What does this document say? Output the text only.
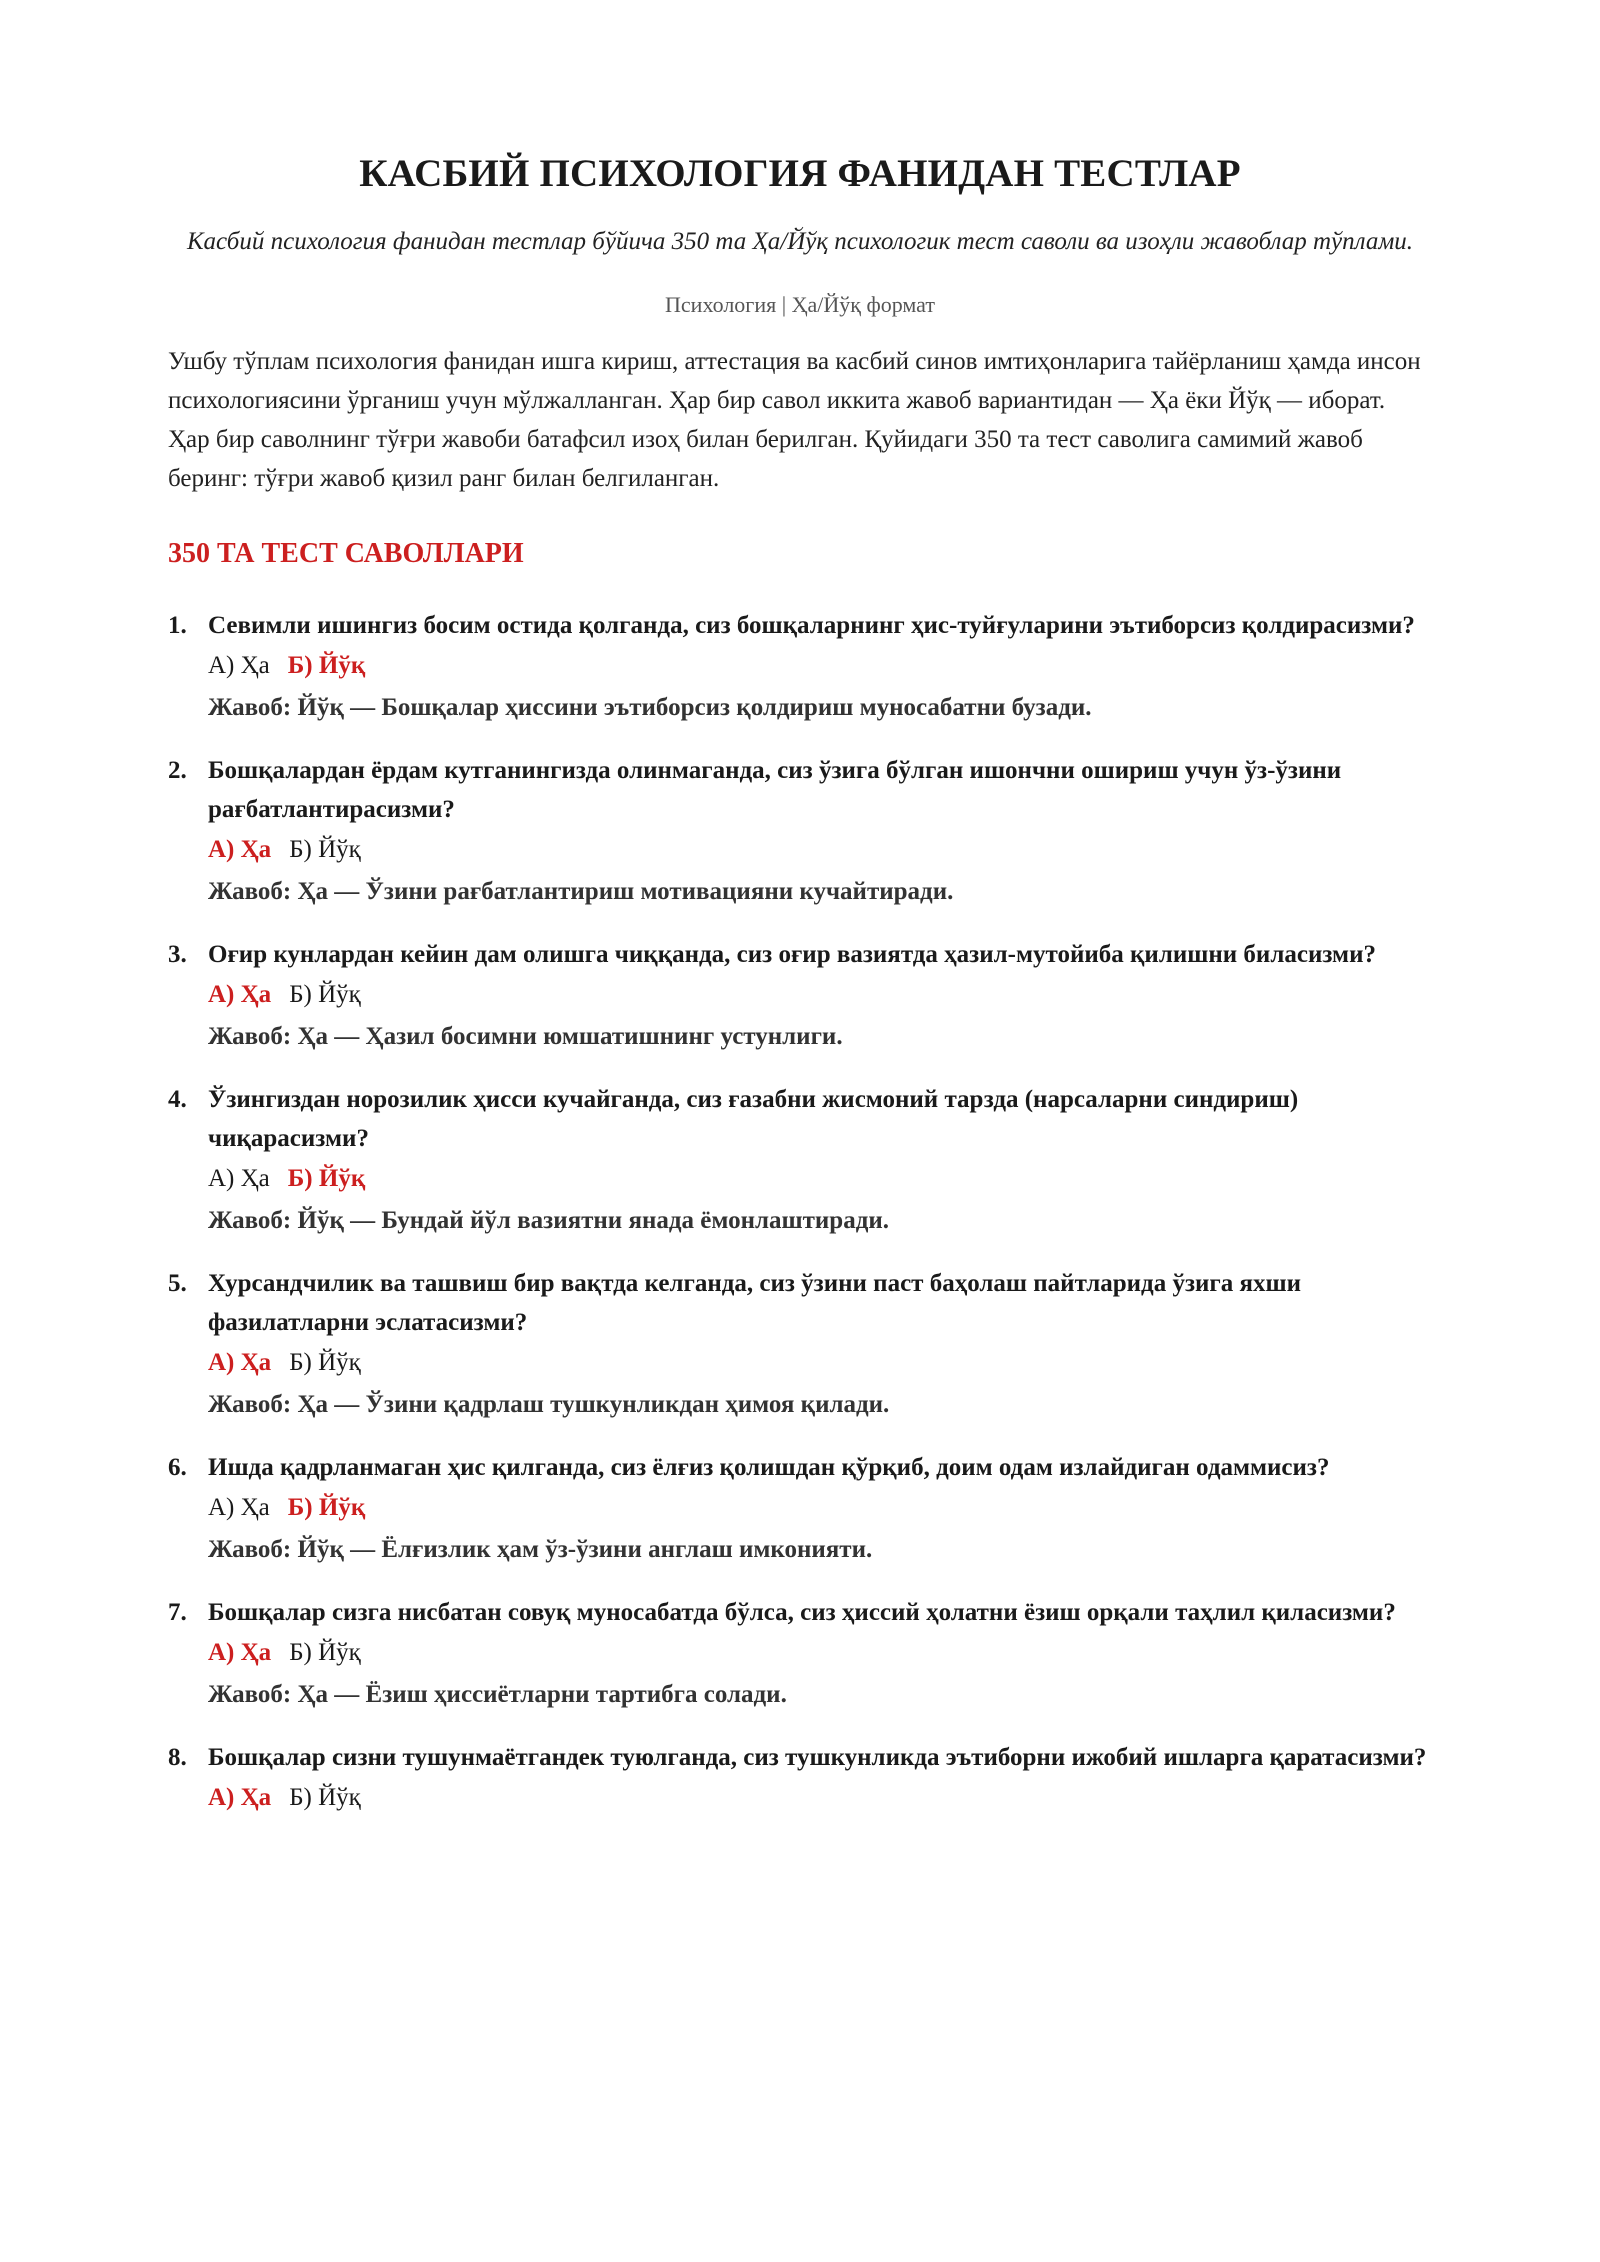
КАСБИЙ ПСИХОЛОГИЯ ФАНИДАН ТЕСТЛАР

Касбий психология фанидан тестлар бўйича 350 та Ҳа/Йўқ психологик тест саволи ва изоҳли жавоблар тўплами.

Психология | Ҳа/Йўқ формат

Ушбу тўплам психология фанидан ишга кириш, аттестация ва касбий синов имтиҳонларига тайёрланиш ҳамда инсон психологиясини ўрганиш учун мўлжалланган. Ҳар бир савол иккита жавоб вариантидан — Ҳа ёки Йўқ — иборат. Ҳар бир саволнинг тўғри жавоби батафсил изоҳ билан берилган. Қуйидаги 350 та тест саволига самимий жавоб беринг: тўғри жавоб қизил ранг билан белгиланган.

350 ТА ТЕСТ САВОЛЛАРИ
1. Севимли ишингиз босим остида қолганда, сиз бошқаларнинг ҳис-туйғуларини эътиборсиз қолдирасизми?
А) Ҳа Б) Йўқ
Жавоб: Йўқ — Бошқалар ҳиссини эътиборсиз қолдириш муносабатни бузади.
2. Бошқалардан ёрдам кутганингизда олинмаганда, сиз ўзига бўлган ишончни ошириш учун ўз-ўзини рағбатлантирасизми?
А) Ҳа Б) Йўқ
Жавоб: Ҳа — Ўзини рағбатлантириш мотивацияни кучайтиради.
3. Оғир кунлардан кейин дам олишга чиққанда, сиз оғир вазиятда ҳазил-мутойиба қилишни биласизми?
А) Ҳа Б) Йўқ
Жавоб: Ҳа — Ҳазил босимни юмшатишнинг устунлиги.
4. Ўзингиздан норозилик ҳисси кучайганда, сиз ғазабни жисмоний тарзда (нарсаларни синдириш) чиқарасизми?
А) Ҳа Б) Йўқ
Жавоб: Йўқ — Бундай йўл вазиятни янада ёмонлаштиради.
5. Хурсандчилик ва ташвиш бир вақтда келганда, сиз ўзини паст баҳолаш пайтларида ўзига яхши фазилатларни эслатасизми?
А) Ҳа Б) Йўқ
Жавоб: Ҳа — Ўзини қадрлаш тушкунликдан ҳимоя қилади.
6. Ишда қадрланмаган ҳис қилганда, сиз ёлғиз қолишдан қўрқиб, доим одам излайдиган одаммисиз?
А) Ҳа Б) Йўқ
Жавоб: Йўқ — Ёлғизлик ҳам ўз-ўзини англаш имконияти.
7. Бошқалар сизга нисбатан совуқ муносабатда бўлса, сиз ҳиссий ҳолатни ёзиш орқали таҳлил қиласизми?
А) Ҳа Б) Йўқ
Жавоб: Ҳа — Ёзиш ҳиссиётларни тартибга солади.
8. Бошқалар сизни тушунмаётгандек туюлганда, сиз тушкунликда эътиборни ижобий ишларга қаратасизми?
А) Ҳа Б) Йўқ
